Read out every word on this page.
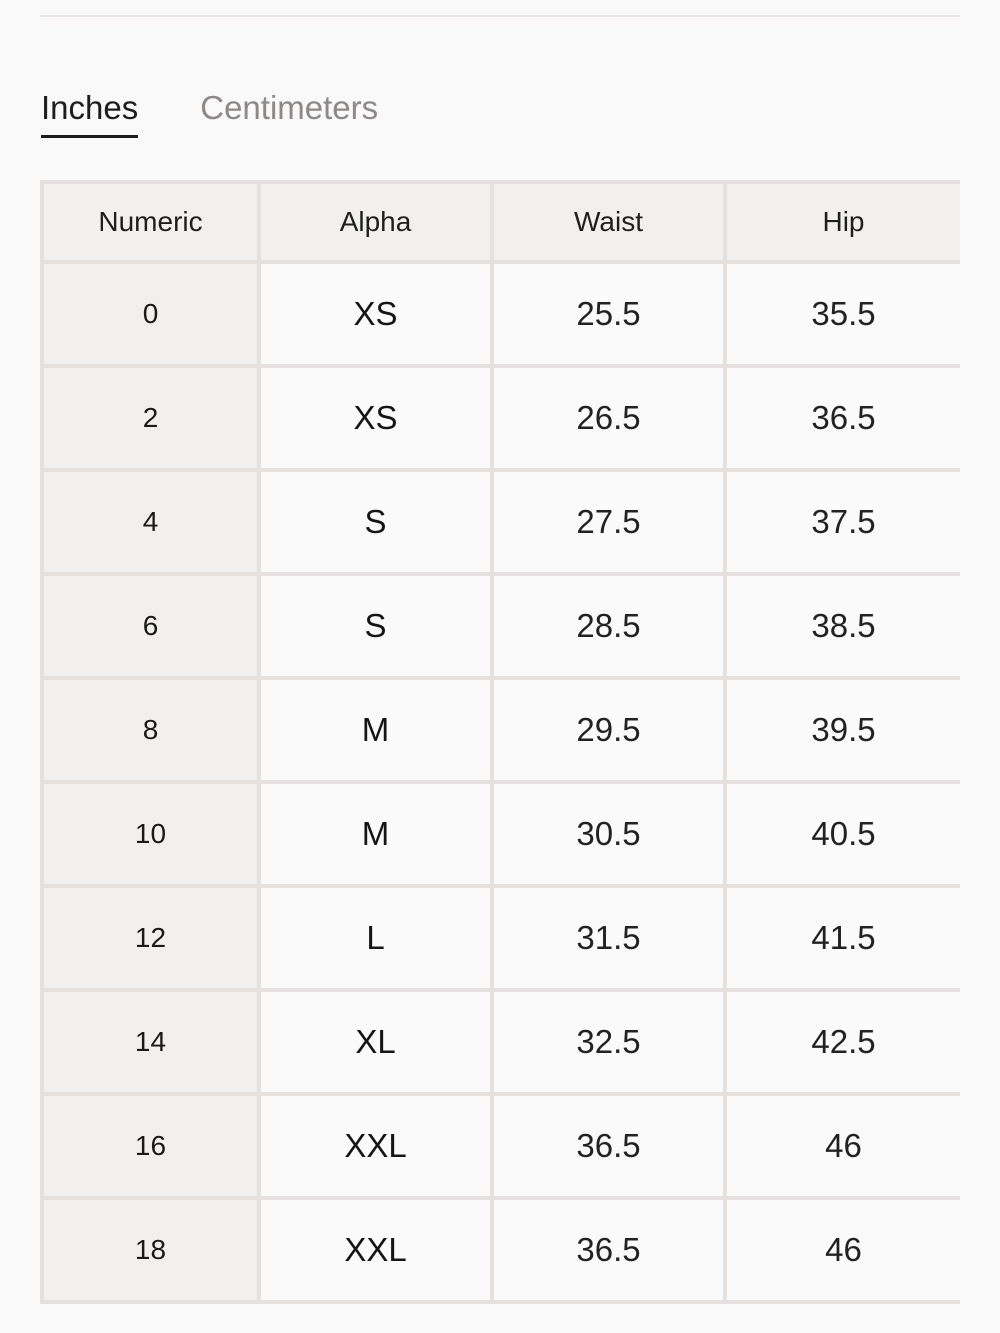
Inches Centimeters
Numeric	Alpha	Waist	Hip
0	XS	25.5	35.5
2	XS	26.5	36.5
4	S	27.5	37.5
6	S	28.5	38.5
8	M	29.5	39.5
10	M	30.5	40.5
12	L	31.5	41.5
14	XL	32.5	42.5
16	XXL	36.5	46
18	XXL	36.5	46
